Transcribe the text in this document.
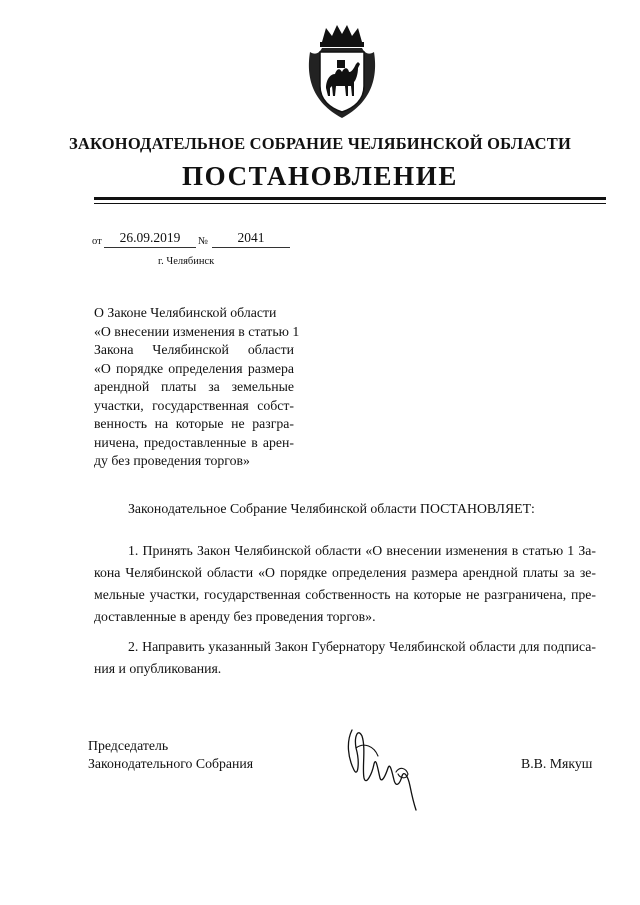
ЗАКОНОДАТЕЛЬНОЕ СОБРАНИЕ ЧЕЛЯБИНСКОЙ ОБЛАСТИ
ПОСТАНОВЛЕНИЕ
от	26.09.2019	№	2041
г. Челябинск
О Законе Челябинской области
«О внесении изменения в статью 1
Закона Челябинской области
«О порядке определения размера
арендной платы за земельные
участки, государственная собст-
венность на которые не разгра-
ничена, предоставленные в арен-
ду без проведения торгов»
Законодательное Собрание Челябинской области ПОСТАНОВЛЯЕТ:
1. Принять Закон Челябинской области «О внесении изменения в статью 1 За-
кона Челябинской области «О порядке определения размера арендной платы за зе-
мельные участки, государственная собственность на которые не разграничена, пре-
доставленные в аренду без проведения торгов».
2. Направить указанный Закон Губернатору Челябинской области для подписа-
ния и опубликования.
Председатель
Законодательного Собрания	В.В. Мякуш
